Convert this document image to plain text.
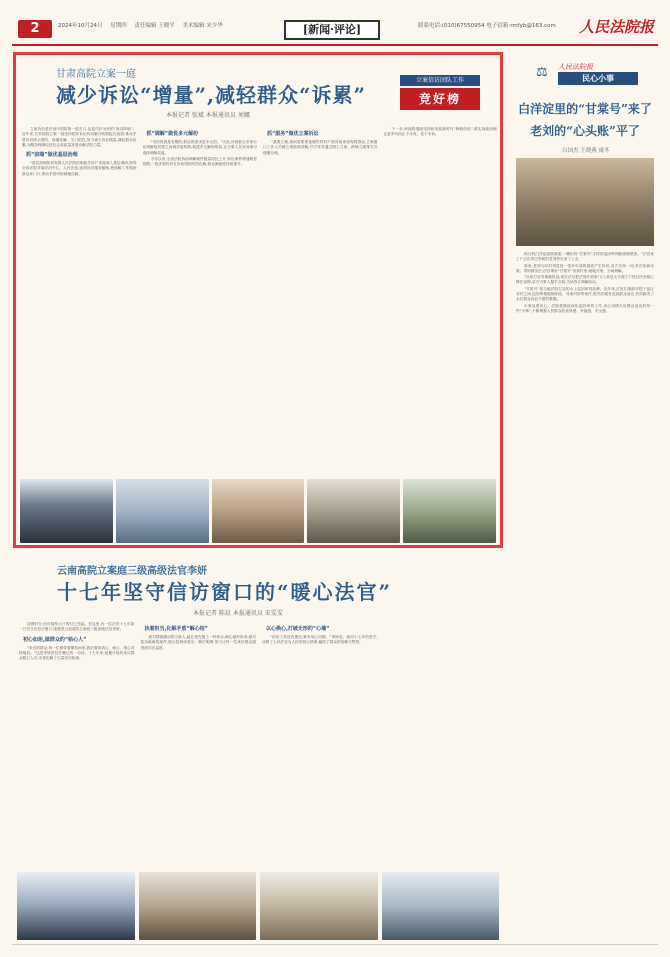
2	2024年10月24日 星期四 责任编辑 王晓平 美术编辑 宋少华	[新闻·评论]	联系电话:(010)67550954 电子信箱:rmfyb@163.com 人民法院报
甘肃高院立案一庭
减少诉讼“增量”,减轻群众“诉累”
本报记者 张斌 本报通讯员 刘娜
立案信访团队工作
竞好榜

立案诉讼是法治中国的第一道关口,也是司法为民的“前沿阵地”。近年来,甘肃高院立案一庭坚持把非诉讼纠纷解决机制挺在前面,推动矛盾纠纷源头预防、前端化解、关口把控,努力减少诉讼增量,减轻群众诉累,为服务保障经济社会高质量发展贡献法院力量。

抓“前端”做优基层治理

“基层治理如何发挥人民法院的职能作用?”该庭深入基层调研,指导全省法院对接综治中心、人民法庭,延伸诉讼服务触角,把调解工作做到群众家门口,推动矛盾纠纷就地化解。

抓“调解”做优多元解纷

“司法资源是有限的,群众的需求是多元的。”为此,该庭联合多家行业调解组织建立诉调对接机制,构建多元解纷格局,让当事人在诉前即可选择调解渠道。

今年以来,全省法院诉前调解案件数量同比上升,诉讼案件增速明显放缓,一批矛盾纠纷在诉前得到有效化解,群众满意度持续提升。

抓“服务”做优立案诉讼

“我要立案,请问需要准备哪些材料?”面对前来咨询的群众,立案窗口工作人员耐心细致地讲解,并引导其通过网上立案、跨域立案等方式便捷办理。

下一步,该庭将继续坚持和发展新时代“枫桥经验”,做实诉源治理,让更多纠纷止于未发、化于未诉。

⚖	人民法院报
民心小事
白洋淀里的“甘棠号”来了
老刘的“心头账”平了
白国杰 王晓燕 虞冬

秋日的白洋淀碧波荡漾,一艘印有“甘棠号”字样的巡回审判船缓缓驶来。“法官来了!”正在岸边等候的老刘快步迎了上去。

原来,老刘与同村邻居因一笔多年前的借款产生纠纷,双方各执一词,多次协商未果。得知情况后,法官乘坐“甘棠号”来到村里,就地开庭、当场调解。

“以前打官司要跑好远,现在法官把法庭开到家门口,真是太方便了!”经过法官耐心释法说理,双方当事人握手言和,当场签订调解协议。

“甘棠号”是当地法院打造的水上巡回审判品牌。近年来,法官们乘船穿梭于淀区各村之间,巡回审理婚姻家庭、邻里纠纷等案件,把司法服务送到群众身边,有效解决了水区群众诉讼不便的难题。

小事连着民心。法院将继续深化巡回审判工作,用心用情办好群众身边的每一件“小事”,不断增强人民群众的获得感、幸福感、安全感。

云南高院立案庭三级高级法官李妍
十七年坚守信访窗口的“暖心法官”
本报记者 陈晨 本报通讯员 宋雯雯

清晨时分,信访接待大厅的灯已亮起。在这里,有一位法官十七年如一日坚守在信访窗口,她就是云南高院立案庭三级高级法官李妍。

初心如炬,做群众的“贴心人”

“来访的群众,每一位都带着期待而来,我们要用真心、耐心、细心对待他们。”这是李妍常挂在嘴边的一句话。十七年来,她累计接待来访群众数万人次,妥善化解了大量信访积案。

执着担当,化解矛盾“解心结”

面对情绪激动的当事人,她总是先倒上一杯热水,耐心倾听诉求;面对复杂疑难的案件,她反复研读卷宗、释法明理,努力让每一位来访群众感受到司法温度。

以心换心,打破无形的“心墙”

“信访工作没有捷径,唯有用心用情。”李妍说。她用十七年的坚守,诠释了人民法官为人民的初心使命,赢得了群众的信赖与赞誉。
